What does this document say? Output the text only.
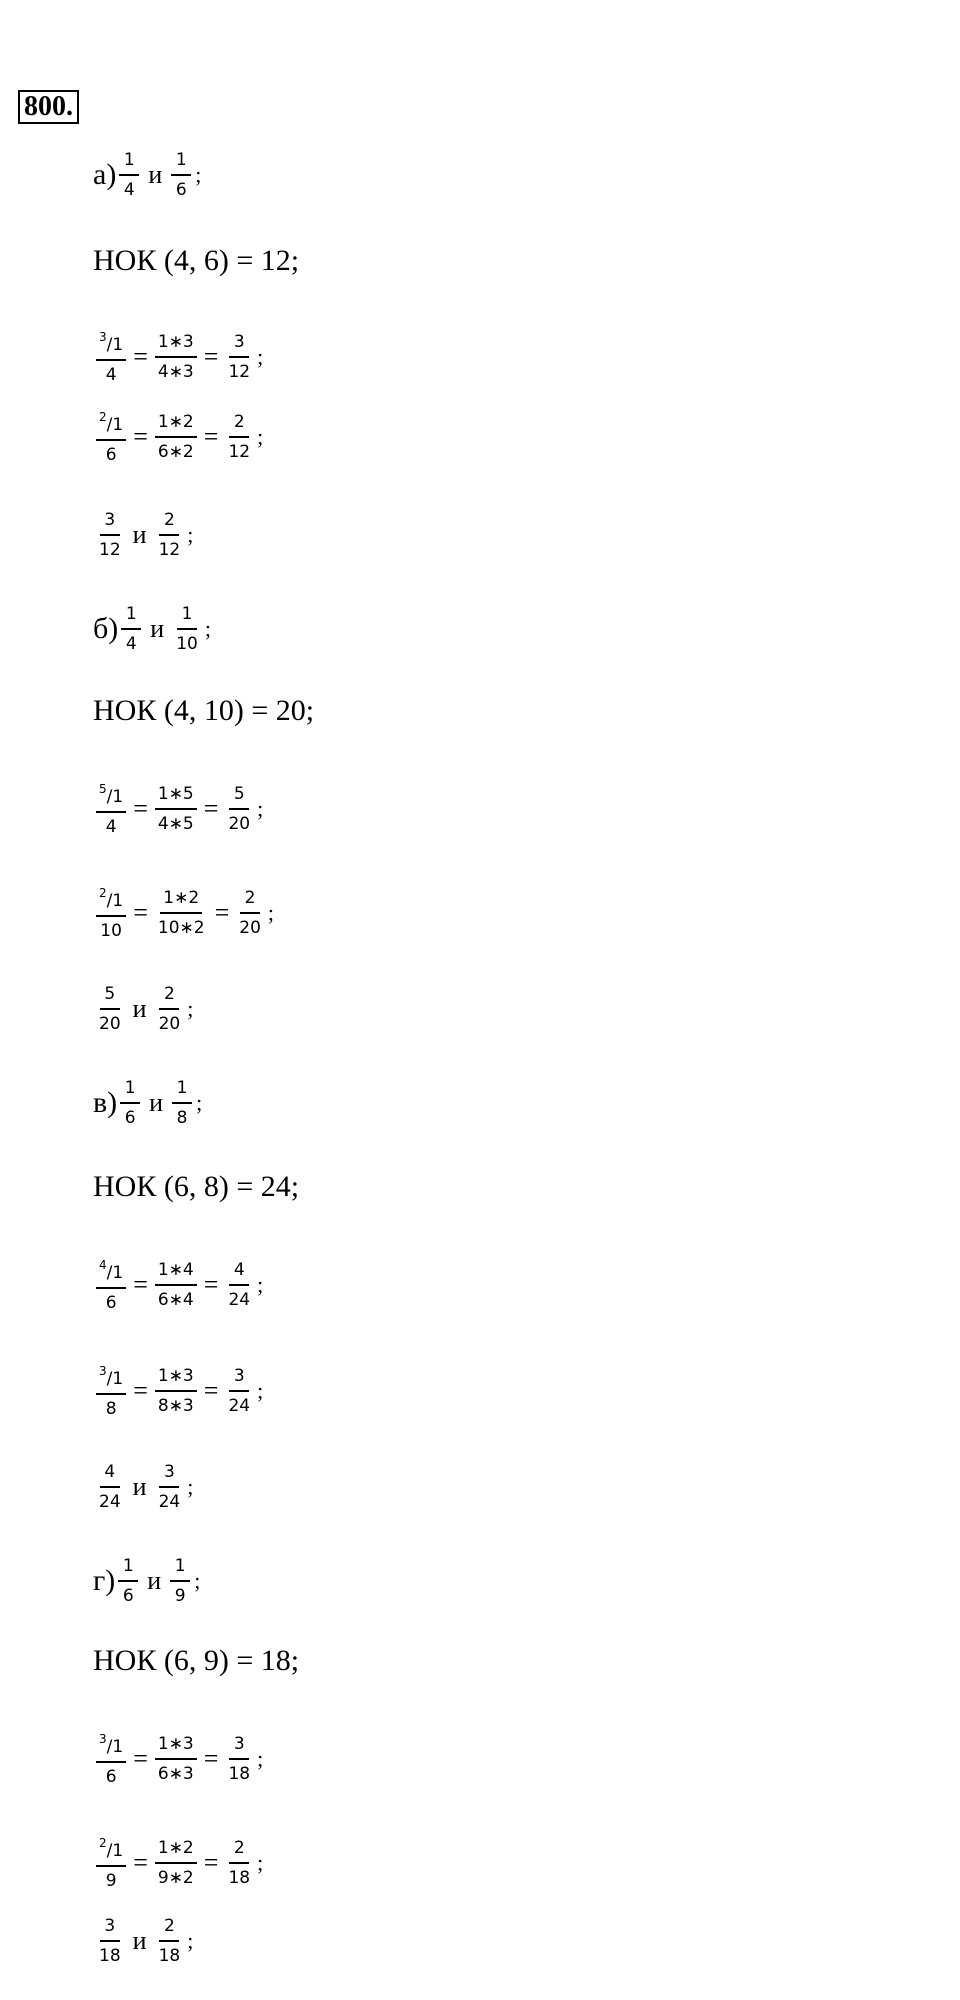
800.
$а) \frac{1}{4}$ и $\frac{1}{6}$ ;
НОК (4, 6) = 12;
$\frac{^3 / 1}{4} = \frac{1∗3}{4∗3} = \frac{3}{12}$ ;
$\frac{^2 / 1}{6} = \frac{1∗2}{6∗2} = \frac{2}{12}$ ;
$\frac{3}{12}$ и $\frac{2}{12}$ ;
$б) \frac{1}{4}$ и $\frac{1}{10}$ ;
НОК (4, 10) = 20;
$\frac{^5 / 1}{4} = \frac{1∗5}{4∗5} = \frac{5}{20}$ ;
$\frac{^2 / 1}{10} = \frac{1∗2}{10∗2} = \frac{2}{20}$ ;
$\frac{5}{20}$ и $\frac{2}{20}$ ;
$в) \frac{1}{6}$ и $\frac{1}{8}$ ;
НОК (6, 8) = 24;
$\frac{^4 / 1}{6} = \frac{1∗4}{6∗4} = \frac{4}{24}$ ;
$\frac{^3 / 1}{8} = \frac{1∗3}{8∗3} = \frac{3}{24}$ ;
$\frac{4}{24}$ и $\frac{3}{24}$ ;
$г) \frac{1}{6}$ и $\frac{1}{9}$ ;
НОК (6, 9) = 18;
$\frac{^3 / 1}{6} = \frac{1∗3}{6∗3} = \frac{3}{18}$ ;
$\frac{^2 / 1}{9} = \frac{1∗2}{9∗2} = \frac{2}{18}$ ;
$\frac{3}{18}$ и $\frac{2}{18}$ ;
